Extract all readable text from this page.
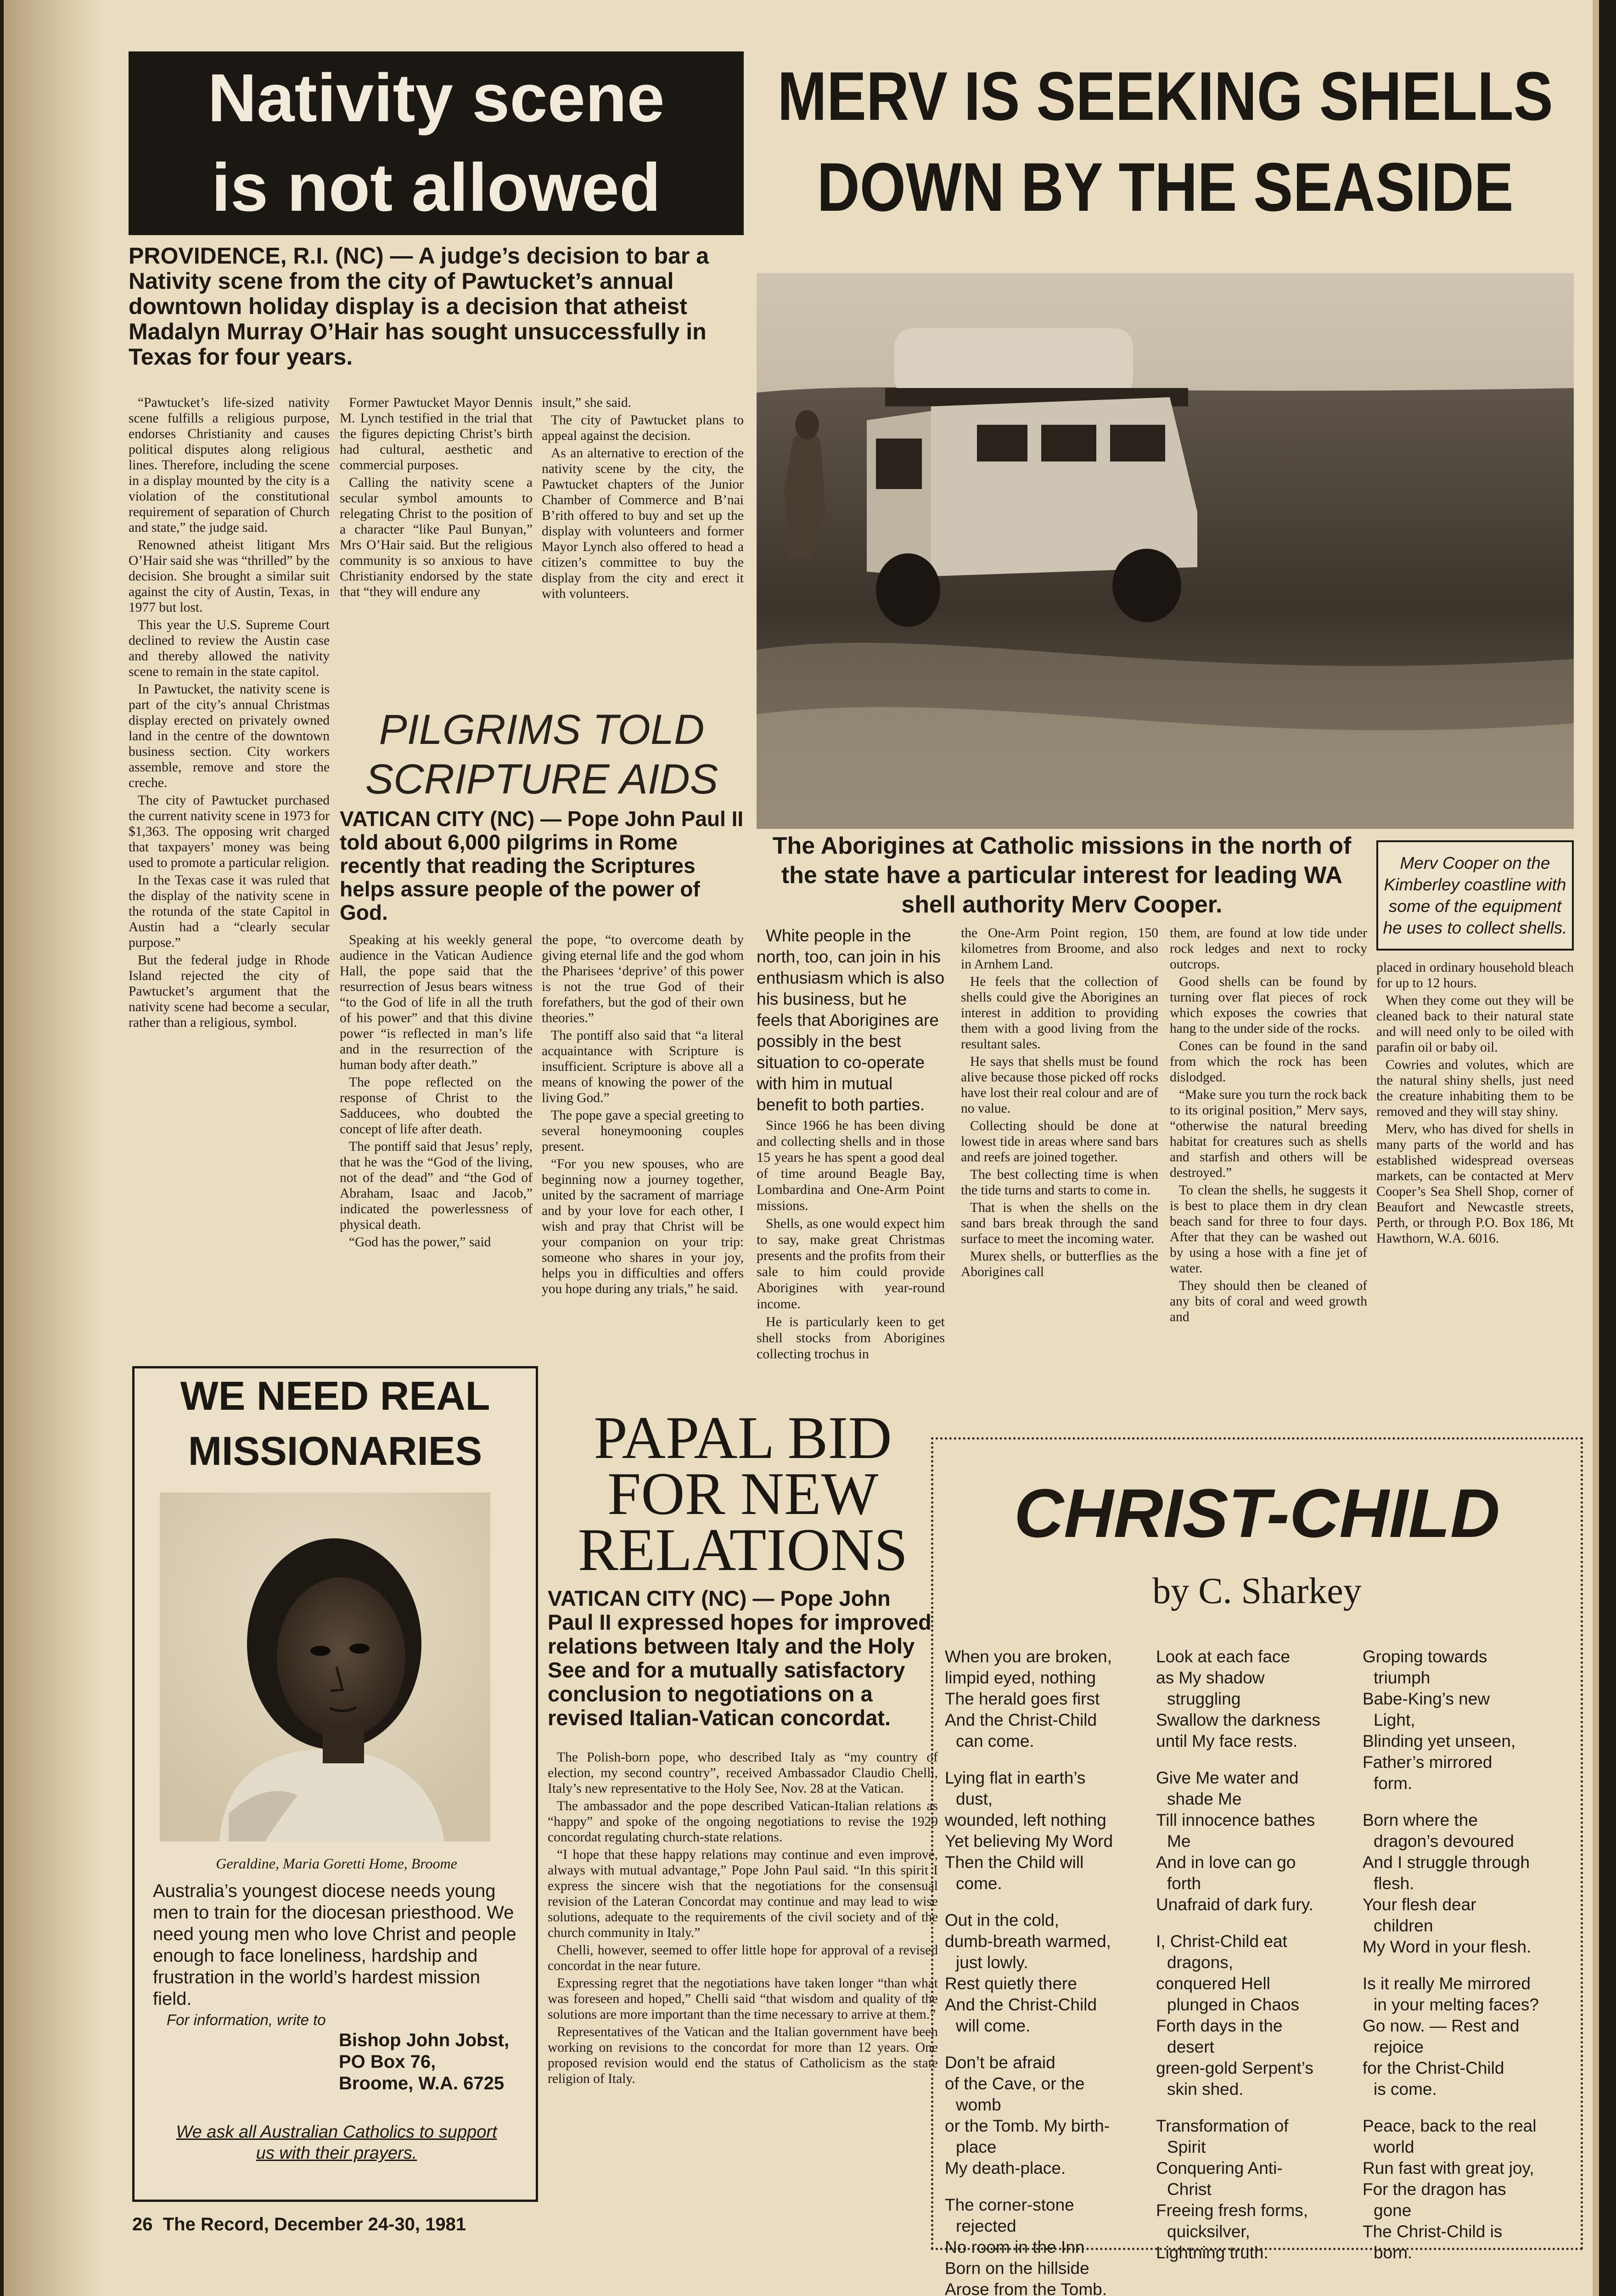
Nativity scene
is not allowed
PROVIDENCE, R.I. (NC) — A judge’s decision to bar a Nativity scene from the city of Pawtucket’s annual downtown holiday display is a decision that atheist Madalyn Murray O’Hair has sought unsuccessfully in Texas for four years.

“Pawtucket’s life-sized nativity scene fulfills a religious purpose, endorses Christianity and causes political disputes along religious lines. Therefore, including the scene in a display mounted by the city is a violation of the constitutional requirement of separation of Church and state,” the judge said.

Renowned atheist litigant Mrs O’Hair said she was “thrilled” by the decision. She brought a similar suit against the city of Austin, Texas, in 1977 but lost.

This year the U.S. Supreme Court declined to review the Austin case and thereby allowed the nativity scene to remain in the state capitol.

In Pawtucket, the nativity scene is part of the city’s annual Christmas display erected on privately owned land in the centre of the downtown business section. City workers assemble, remove and store the creche.

The city of Pawtucket purchased the current nativity scene in 1973 for $1,363. The opposing writ charged that taxpayers’ money was being used to promote a particular religion.

In the Texas case it was ruled that the display of the nativity scene in the rotunda of the state Capitol in Austin had a “clearly secular purpose.”

But the federal judge in Rhode Island rejected the city of Pawtucket’s argument that the nativity scene had become a secular, rather than a religious, symbol.

Former Pawtucket Mayor Dennis M. Lynch testified in the trial that the figures depicting Christ’s birth had cultural, aesthetic and commercial purposes.

Calling the nativity scene a secular symbol amounts to relegating Christ to the position of a character “like Paul Bunyan,” Mrs O’Hair said. But the religious community is so anxious to have Christianity endorsed by the state that “they will endure any

insult,” she said.

The city of Pawtucket plans to appeal against the decision.

As an alternative to erection of the nativity scene by the city, the Pawtucket chapters of the Junior Chamber of Commerce and B’nai B’rith offered to buy and set up the display with volunteers and former Mayor Lynch also offered to head a citizen’s committee to buy the display from the city and erect it with volunteers.

PILGRIMS TOLD
SCRIPTURE AIDS
VATICAN CITY (NC) — Pope John Paul II told about 6,000 pilgrims in Rome recently that reading the Scriptures helps assure people of the power of God.

Speaking at his weekly general audience in the Vatican Audience Hall, the pope said that the resurrection of Jesus bears witness “to the God of life in all the truth of his power” and that this divine power “is reflected in man’s life and in the resurrection of the human body after death.”

The pope reflected on the response of Christ to the Sadducees, who doubted the concept of life after death.

The pontiff said that Jesus’ reply, that he was the “God of the living, not of the dead” and “the God of Abraham, Isaac and Jacob,” indicated the powerlessness of physical death.

“God has the power,” said

the pope, “to overcome death by giving eternal life and the god whom the Pharisees ‘deprive’ of this power is not the true God of their forefathers, but the god of their own theories.”

The pontiff also said that “a literal acquaintance with Scripture is insufficient. Scripture is above all a means of knowing the power of the living God.”

The pope gave a special greeting to several honeymooning couples present.

“For you new spouses, who are beginning now a journey together, united by the sacrament of marriage and by your love for each other, I wish and pray that Christ will be your companion on your trip: someone who shares in your joy, helps you in difficulties and offers you hope during any trials,” he said.

WE NEED REAL
MISSIONARIES
Geraldine, Maria Goretti Home, Broome
Australia’s youngest diocese needs young men to train for the diocesan priesthood. We need young men who love Christ and people enough to face loneliness, hardship and frustration in the world’s hardest mission field.
For information, write to
Bishop John Jobst,
PO Box 76,
Broome, W.A. 6725
We ask all Australian Catholics to support us with their prayers.
26  The Record, December 24-30, 1981
MERV IS SEEKING SHELLS
DOWN BY THE SEASIDE
The Aborigines at Catholic missions in the north of the state have a particular interest for leading WA shell authority Merv Cooper.
Merv Cooper on the Kimberley coastline with some of the equipment he uses to collect shells.

White people in the north, too, can join in his enthusiasm which is also his business, but he feels that Aborigines are possibly in the best situation to co-operate with him in mutual benefit to both parties.

Since 1966 he has been diving and collecting shells and in those 15 years he has spent a good deal of time around Beagle Bay, Lombardina and One-Arm Point missions.

Shells, as one would expect him to say, make great Christmas presents and the profits from their sale to him could provide Aborigines with year-round income.

He is particularly keen to get shell stocks from Aborigines collecting trochus in

the One-Arm Point region, 150 kilometres from Broome, and also in Arnhem Land.

He feels that the collection of shells could give the Aborigines an interest in addition to providing them with a good living from the resultant sales.

He says that shells must be found alive because those picked off rocks have lost their real colour and are of no value.

Collecting should be done at lowest tide in areas where sand bars and reefs are joined together.

The best collecting time is when the tide turns and starts to come in.

That is when the shells on the sand bars break through the sand surface to meet the incoming water.

Murex shells, or butterflies as the Aborigines call

them, are found at low tide under rock ledges and next to rocky outcrops.

Good shells can be found by turning over flat pieces of rock which exposes the cowries that hang to the under side of the rocks.

Cones can be found in the sand from which the rock has been dislodged.

“Make sure you turn the rock back to its original position,” Merv says, “otherwise the natural breeding habitat for creatures such as shells and starfish and others will be destroyed.”

To clean the shells, he suggests it is best to place them in dry clean beach sand for three to four days. After that they can be washed out by using a hose with a fine jet of water.

They should then be cleaned of any bits of coral and weed growth and

placed in ordinary household bleach for up to 12 hours.

When they come out they will be cleaned back to their natural state and will need only to be oiled with parafin oil or baby oil.

Cowries and volutes, which are the natural shiny shells, just need the creature inhabiting them to be removed and they will stay shiny.

Merv, who has dived for shells in many parts of the world and has established widespread overseas markets, can be contacted at Merv Cooper’s Sea Shell Shop, corner of Beaufort and Newcastle streets, Perth, or through P.O. Box 186, Mt Hawthorn, W.A. 6016.

PAPAL BID
FOR NEW
RELATIONS
VATICAN CITY (NC) — Pope John Paul II expressed hopes for improved relations between Italy and the Holy See and for a mutually satisfactory conclusion to negotiations on a revised Italian-Vatican concordat.

The Polish-born pope, who described Italy as “my country of election, my second country”, received Ambassador Claudio Chelli, Italy’s new representative to the Holy See, Nov. 28 at the Vatican.

The ambassador and the pope described Vatican-Italian relations as “happy” and spoke of the ongoing negotiations to revise the 1929 concordat regulating church-state relations.

“I hope that these happy relations may continue and even improve, always with mutual advantage,” Pope John Paul said. “In this spirit I express the sincere wish that the negotiations for the consensual revision of the Lateran Concordat may continue and may lead to wise solutions, adequate to the requirements of the civil society and of the church community in Italy.”

Chelli, however, seemed to offer little hope for approval of a revised concordat in the near future.

Expressing regret that the negotiations have taken longer “than what was foreseen and hoped,” Chelli said “that wisdom and quality of the solutions are more important than the time necessary to arrive at them.”

Representatives of the Vatican and the Italian government have been working on revisions to the concordat for more than 12 years. One proposed revision would end the status of Catholicism as the state religion of Italy.

CHRIST-CHILD
by C. Sharkey

When you are broken,

limpid eyed, nothing

The herald goes first

And the Christ-Child

can come.

Lying flat in earth’s

dust,

wounded, left nothing

Yet believing My Word

Then the Child will

come.

Out in the cold,

dumb-breath warmed,

just lowly.

Rest quietly there

And the Christ-Child

will come.

Don’t be afraid

of the Cave, or the

womb

or the Tomb. My birth-

place

My death-place.

The corner-stone

rejected

No room in the Inn

Born on the hillside

Arose from the Tomb.

Look at each face

as My shadow

struggling

Swallow the darkness

until My face rests.

Give Me water and

shade Me

Till innocence bathes

Me

And in love can go

forth

Unafraid of dark fury.

I, Christ-Child eat

dragons,

conquered Hell

plunged in Chaos

Forth days in the

desert

green-gold Serpent’s

skin shed.

Transformation of

Spirit

Conquering Anti-

Christ

Freeing fresh forms,

quicksilver,

Lightning truth.

Groping towards

triumph

Babe-King’s new

Light,

Blinding yet unseen,

Father’s mirrored

form.

Born where the

dragon’s devoured

And I struggle through

flesh.

Your flesh dear

children

My Word in your flesh.

Is it really Me mirrored

in your melting faces?

Go now. — Rest and

rejoice

for the Christ-Child

is come.

Peace, back to the real

world

Run fast with great joy,

For the dragon has

gone

The Christ-Child is

born.
